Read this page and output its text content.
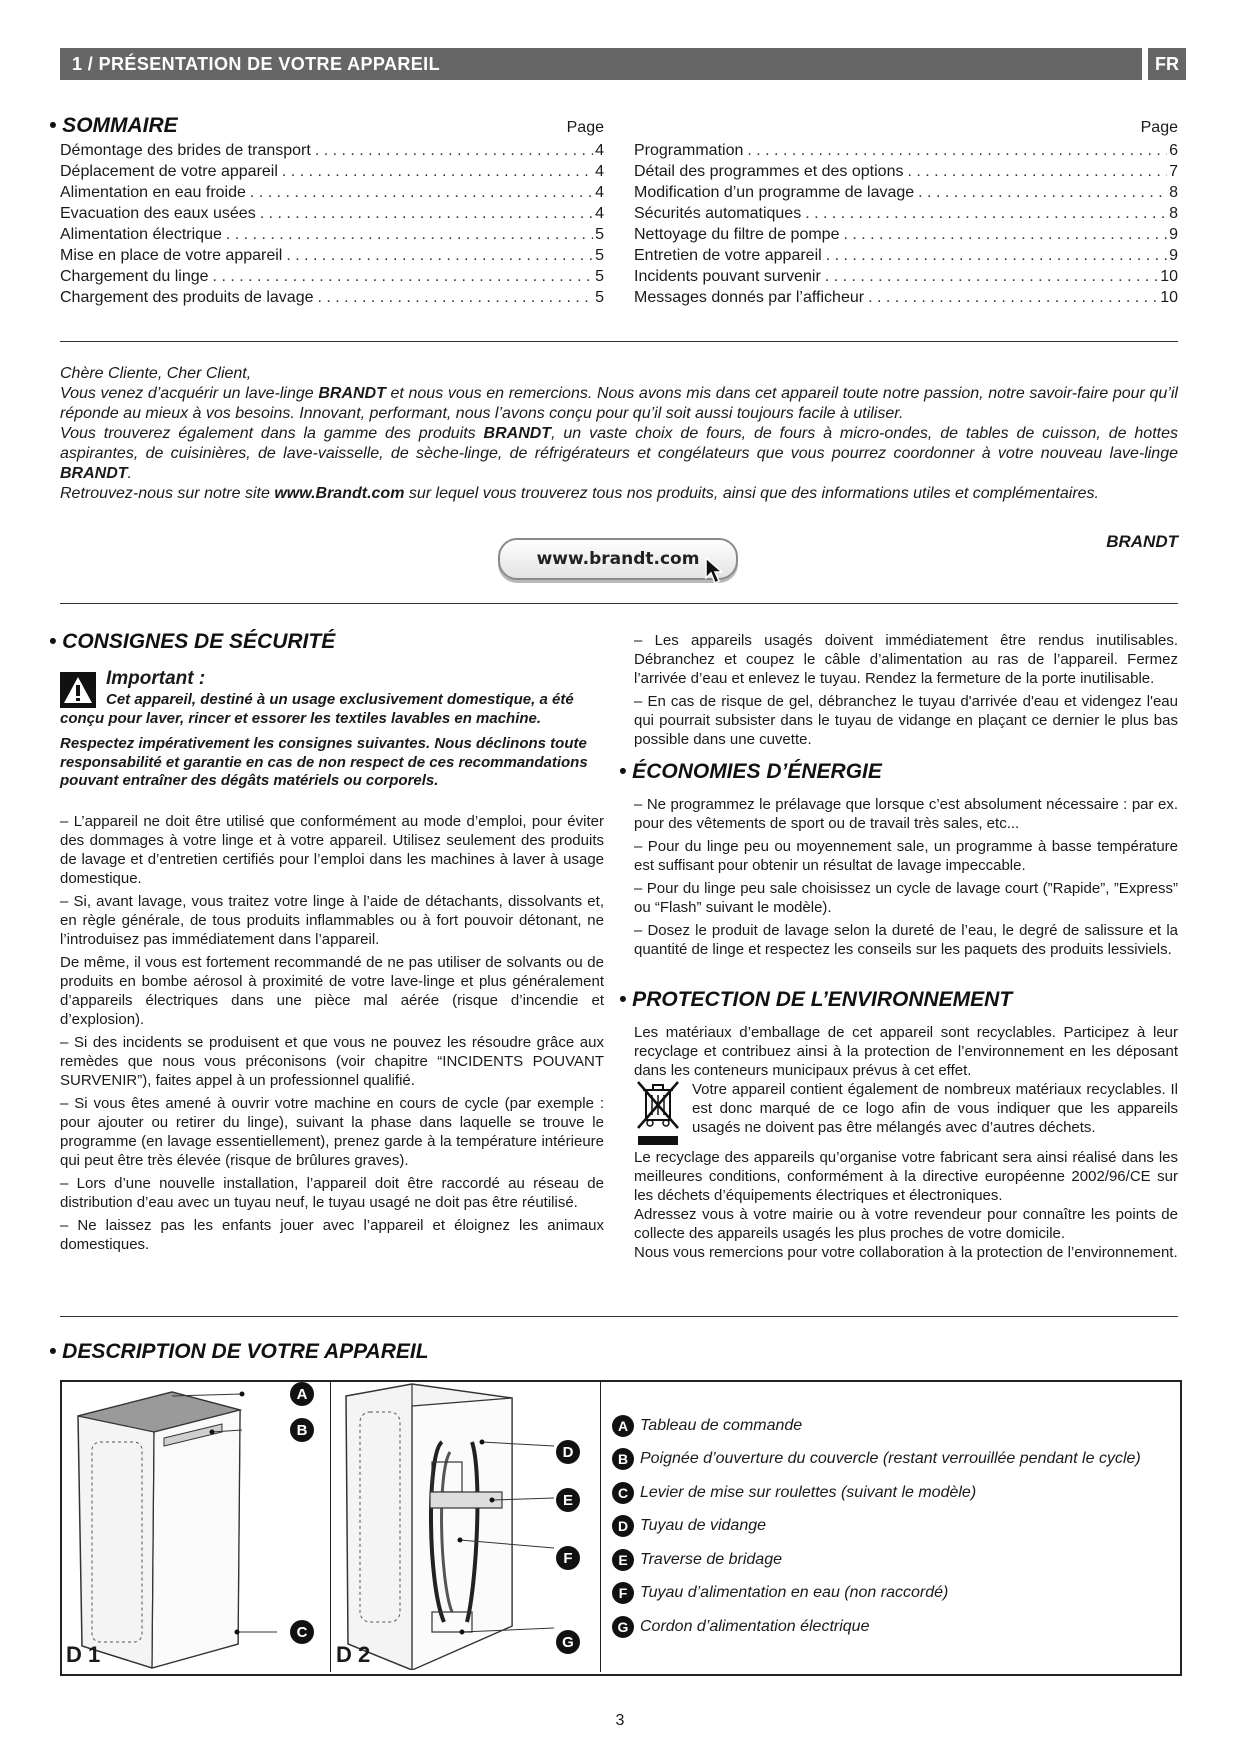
1 / PRÉSENTATION DE VOTRE APPAREIL	FR
• SOMMAIRE	Page	Page
Démontage des brides de transport . . .	4
Déplacement de votre appareil . . .	4
Alimentation en eau froide . . .	4
Evacuation des eaux usées . . .	4
Alimentation électrique . . .	5
Mise en place de votre appareil . . .	5
Chargement du linge . . .	5
Chargement des produits de lavage . . .	5
Programmation . . .	6
Détail des programmes et des options . . .	7
Modification d’un programme de lavage . . .	8
Sécurités automatiques . . .	8
Nettoyage du filtre de pompe . . .	9
Entretien de votre appareil . . .	9
Incidents pouvant survenir . . .	10
Messages donnés par l’afficheur . . .	10

Chère Cliente, Cher Client,

Vous venez d’acquérir un lave-linge BRANDT et nous vous en remercions. Nous avons mis dans cet appareil toute notre passion, notre savoir-faire pour qu’il réponde au mieux à vos besoins. Innovant, performant, nous l’avons conçu pour qu’il soit aussi toujours facile à utiliser.

Vous trouverez également dans la gamme des produits BRANDT, un vaste choix de fours, de fours à micro-ondes, de tables de cuisson, de hottes aspirantes, de cuisinières, de lave-vaisselle, de sèche-linge, de réfrigérateurs et congélateurs que vous pourrez coordonner à votre nouveau lave-linge BRANDT.

Retrouvez-nous sur notre site www.Brandt.com sur lequel vous trouverez tous nos produits, ainsi que des informations utiles et complémentaires.

BRANDT
www.brandt.com
• CONSIGNES DE SÉCURITÉ
Important :
Cet appareil, destiné à un usage exclusivement domestique, a été conçu pour laver, rincer et essorer les textiles lavables en machine.
Respectez impérativement les consignes suivantes. Nous déclinons toute responsabilité et garantie en cas de non respect de ces recommandations pouvant entraîner des dégâts matériels ou corporels.

– L’appareil ne doit être utilisé que conformément au mode d’emploi, pour éviter des dommages à votre linge et à votre appareil. Utilisez seulement des produits de lavage et d’entretien certifiés pour l’emploi dans les machines à laver à usage domestique.

– Si, avant lavage, vous traitez votre linge à l’aide de détachants, dissolvants et, en règle générale, de tous produits inflammables ou à fort pouvoir détonant, ne l’introduisez pas immédiatement dans l’appareil.

De même, il vous est fortement recommandé de ne pas utiliser de solvants ou de produits en bombe aérosol à proximité de votre lave-linge et plus généralement d’appareils électriques dans une pièce mal aérée (risque d’incendie et d’explosion).

– Si des incidents se produisent et que vous ne pouvez les résoudre grâce aux remèdes que nous vous préconisons (voir chapitre “INCIDENTS POUVANT SURVENIR”), faites appel à un professionnel qualifié.

– Si vous êtes amené à ouvrir votre machine en cours de cycle (par exemple : pour ajouter ou retirer du linge), suivant la phase dans laquelle se trouve le programme (en lavage essentiellement), prenez garde à la température intérieure qui peut être très élevée (risque de brûlures graves).

– Lors d’une nouvelle installation, l’appareil doit être raccordé au réseau de distribution d’eau avec un tuyau neuf, le tuyau usagé ne doit pas être réutilisé.

– Ne laissez pas les enfants jouer avec l’appareil et éloignez les animaux domestiques.

– Les appareils usagés doivent immédiatement être rendus inutilisables. Débranchez et coupez le câble d’alimentation au ras de l’appareil. Fermez l’arrivée d’eau et enlevez le tuyau. Rendez la fermeture de la porte inutilisable.

– En cas de risque de gel, débranchez le tuyau d'arrivée d'eau et videngez l'eau qui pourrait subsister dans le tuyau de vidange en plaçant ce dernier le plus bas possible dans une cuvette.

• ÉCONOMIES D’ÉNERGIE

– Ne programmez le prélavage que lorsque c’est absolument nécessaire : par ex. pour des vêtements de sport ou de travail très sales, etc...

– Pour du linge peu ou moyennement sale, un programme à basse température est suffisant pour obtenir un résultat de lavage impeccable.

– Pour du linge peu sale choisissez un cycle de lavage court (”Rapide”, ”Express” ou “Flash” suivant le modèle).

– Dosez le produit de lavage selon la dureté de l’eau, le degré de salissure et la quantité de linge et respectez les conseils sur les paquets des produits lessiviels.

• PROTECTION DE L’ENVIRONNEMENT

Les matériaux d’emballage de cet appareil sont recyclables. Participez à leur recyclage et contribuez ainsi à la protection de l’environnement en les déposant dans les conteneurs municipaux prévus à cet effet.

Votre appareil contient également de nombreux matériaux recyclables. Il est donc marqué de ce logo afin de vous indiquer que les appareils usagés ne doivent pas être mélangés avec d’autres déchets.

Le recyclage des appareils qu’organise votre fabricant sera ainsi réalisé dans les meilleures conditions, conformément à la directive européenne 2002/96/CE sur les déchets d’équipements électriques et électroniques.

Adressez vous à votre mairie ou à votre revendeur pour connaître les points de collecte des appareils usagés les plus proches de votre domicile.

Nous vous remercions pour votre collaboration à la protection de l’environnement.

• DESCRIPTION DE VOTRE APPAREIL
A
B
C
D 1
D
E
F
G
D 2
A Tableau de commande
B Poignée d’ouverture du couvercle (restant verrouillée pendant le cycle)
C Levier de mise sur roulettes (suivant le modèle)
D Tuyau de vidange
E Traverse de bridage
F Tuyau d’alimentation en eau (non raccordé)
G Cordon d’alimentation électrique
3
